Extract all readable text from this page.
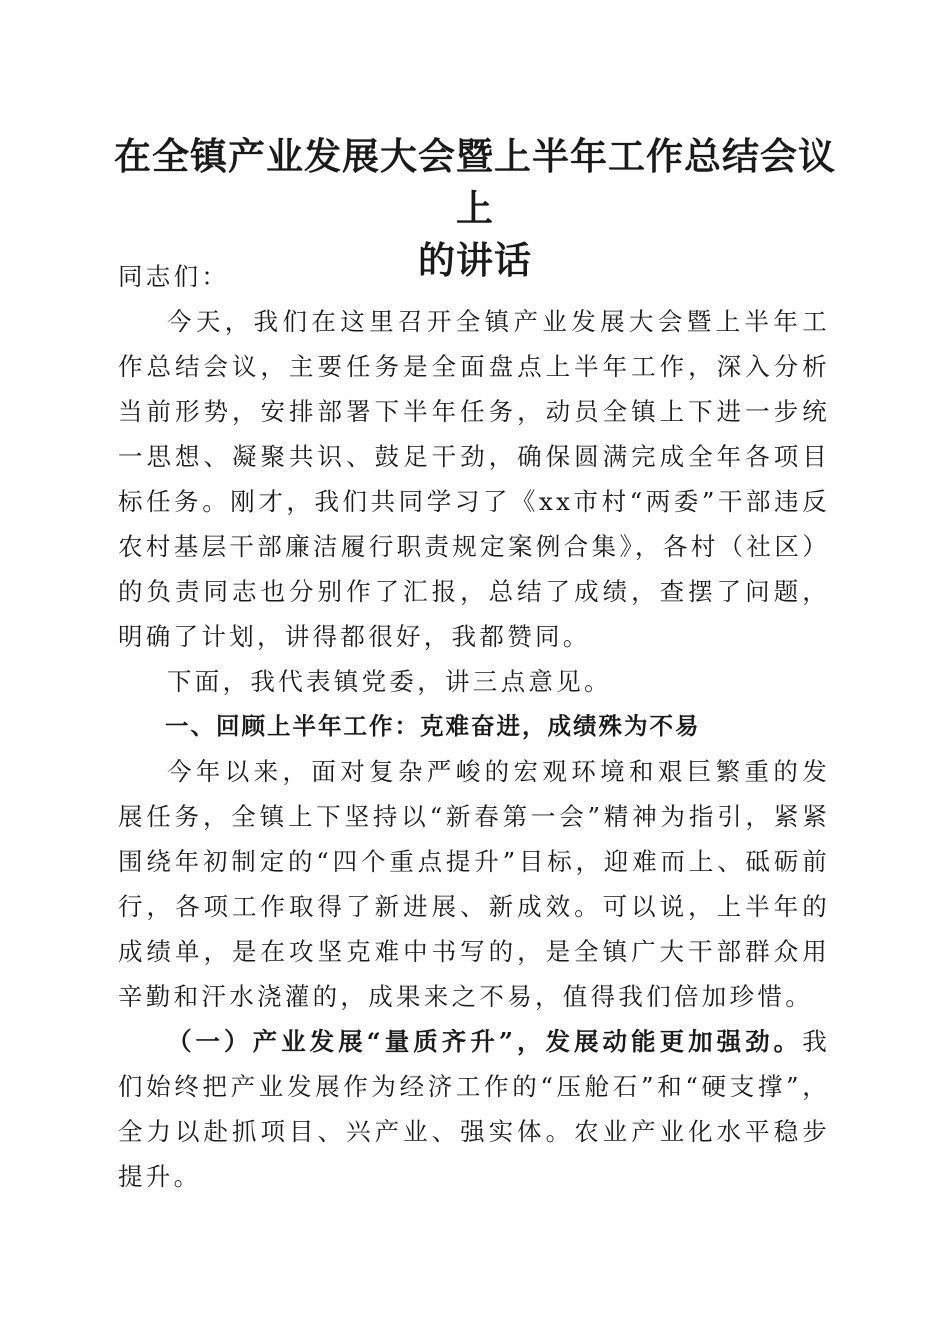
在全镇产业发展大会暨上半年工作总结会议上
的讲话

同志们：

今天，我们在这里召开全镇产业发展大会暨上半年工作总结会议，主要任务是全面盘点上半年工作，深入分析当前形势，安排部署下半年任务，动员全镇上下进一步统一思想、凝聚共识、鼓足干劲，确保圆满完成全年各项目标任务。刚才，我们共同学习了《xx市村“两委”干部违反农村基层干部廉洁履行职责规定案例合集》，各村（社区）的负责同志也分别作了汇报，总结了成绩，查摆了问题，明确了计划，讲得都很好，我都赞同。

下面，我代表镇党委，讲三点意见。

一、回顾上半年工作：克难奋进，成绩殊为不易

今年以来，面对复杂严峻的宏观环境和艰巨繁重的发展任务，全镇上下坚持以“新春第一会”精神为指引，紧紧围绕年初制定的“四个重点提升”目标，迎难而上、砥砺前行，各项工作取得了新进展、新成效。可以说，上半年的成绩单，是在攻坚克难中书写的，是全镇广大干部群众用辛勤和汗水浇灌的，成果来之不易，值得我们倍加珍惜。

（一）产业发展“量质齐升”，发展动能更加强劲。我们始终把产业发展作为经济工作的“压舱石”和“硬支撑”，全力以赴抓项目、兴产业、强实体。农业产业化水平稳步提升。
